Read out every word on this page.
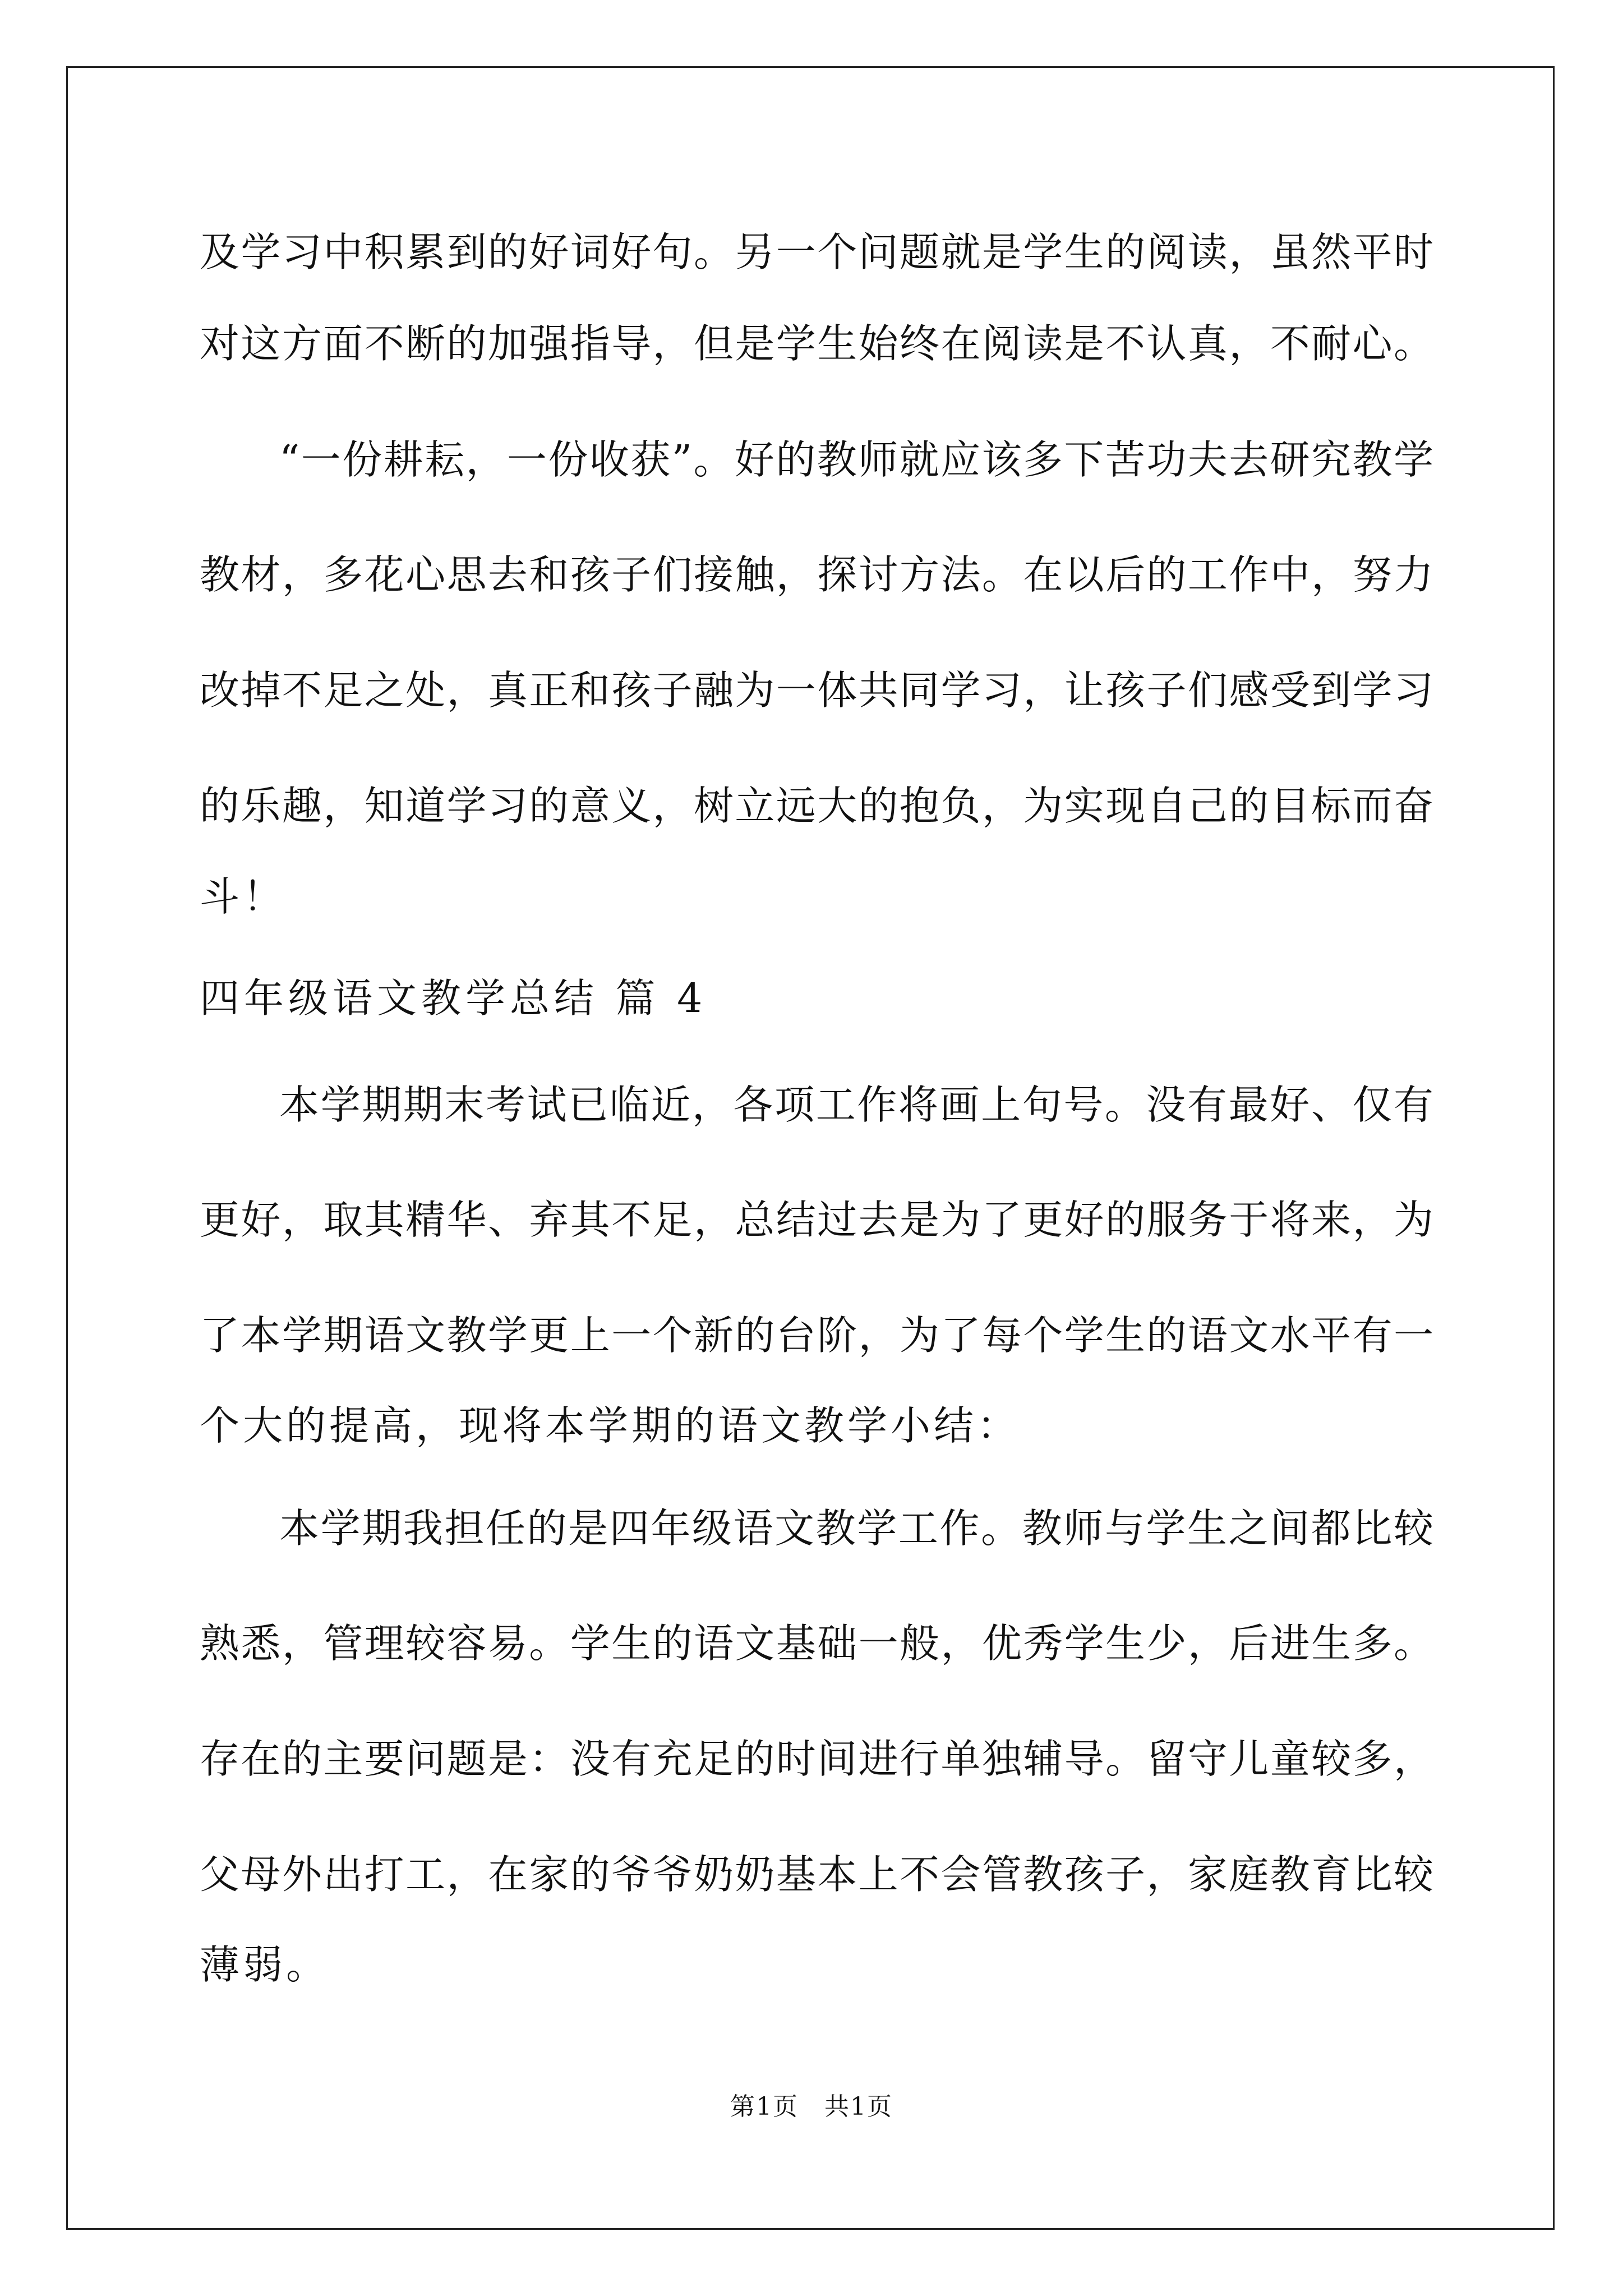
及学习中积累到的好词好句。另一个问题就是学生的阅读，虽然平时
对这方面不断的加强指导，但是学生始终在阅读是不认真，不耐心。
“一份耕耘，一份收获”。好的教师就应该多下苦功夫去研究教学
教材，多花心思去和孩子们接触，探讨方法。在以后的工作中，努力
改掉不足之处，真正和孩子融为一体共同学习，让孩子们感受到学习
的乐趣，知道学习的意义，树立远大的抱负，为实现自己的目标而奋
斗！
四年级语文教学总结 篇 4
本学期期末考试已临近，各项工作将画上句号。没有最好、仅有
更好，取其精华、弃其不足，总结过去是为了更好的服务于将来，为
了本学期语文教学更上一个新的台阶，为了每个学生的语文水平有一
个大的提高，现将本学期的语文教学小结：
本学期我担任的是四年级语文教学工作。教师与学生之间都比较
熟悉，管理较容易。学生的语文基础一般，优秀学生少，后进生多。
存在的主要问题是：没有充足的时间进行单独辅导。留守儿童较多，
父母外出打工，在家的爷爷奶奶基本上不会管教孩子，家庭教育比较
薄弱。
第1页　共1页
